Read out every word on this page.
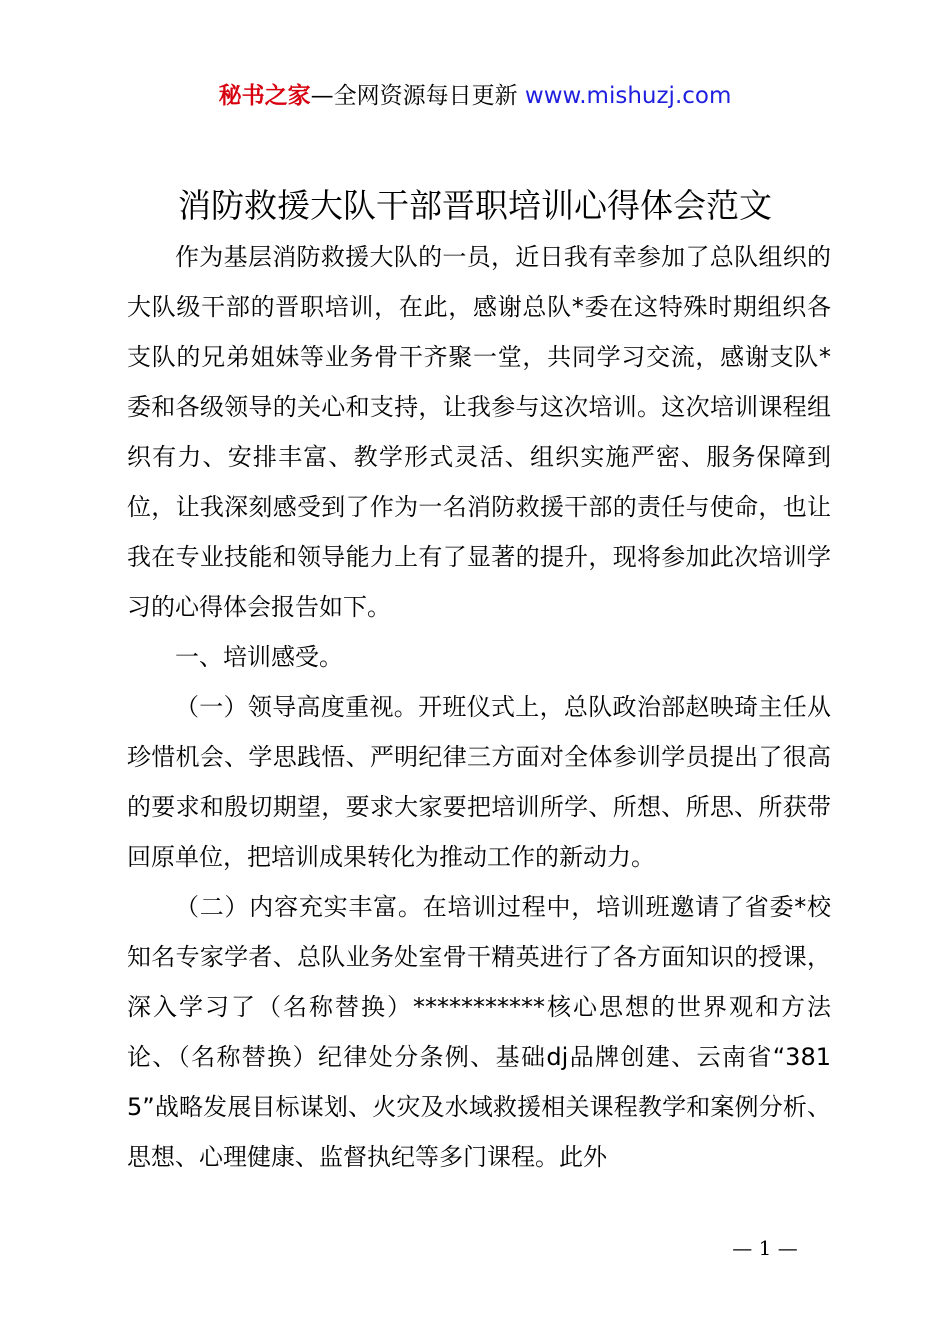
秘书之家—全网资源每日更新 www.mishuzj.com
消防救援大队干部晋职培训心得体会范文

作为基层消防救援大队的一员，近日我有幸参加了总队组织的大队级干部的晋职培训，在此，感谢总队*委在这特殊时期组织各支队的兄弟姐妹等业务骨干齐聚一堂，共同学习交流，感谢支队*委和各级领导的关心和支持，让我参与这次培训。这次培训课程组织有力、安排丰富、教学形式灵活、组织实施严密、服务保障到位，让我深刻感受到了作为一名消防救援干部的责任与使命，也让我在专业技能和领导能力上有了显著的提升，现将参加此次培训学习的心得体会报告如下。

一、培训感受。

（一）领导高度重视。开班仪式上，总队政治部赵映琦主任从珍惜机会、学思践悟、严明纪律三方面对全体参训学员提出了很高的要求和殷切期望，要求大家要把培训所学、所想、所思、所获带回原单位，把培训成果转化为推动工作的新动力。

（二）内容充实丰富。在培训过程中，培训班邀请了省委*校知名专家学者、总队业务处室骨干精英进行了各方面知识的授课，深入学习了（名称替换）***********核心思想的世界观和方法论、（名称替换）纪律处分条例、基础dj品牌创建、云南省“3815”战略发展目标谋划、火灾及水域救援相关课程教学和案例分析、思想、心理健康、监督执纪等多门课程。此外

— 1 —
